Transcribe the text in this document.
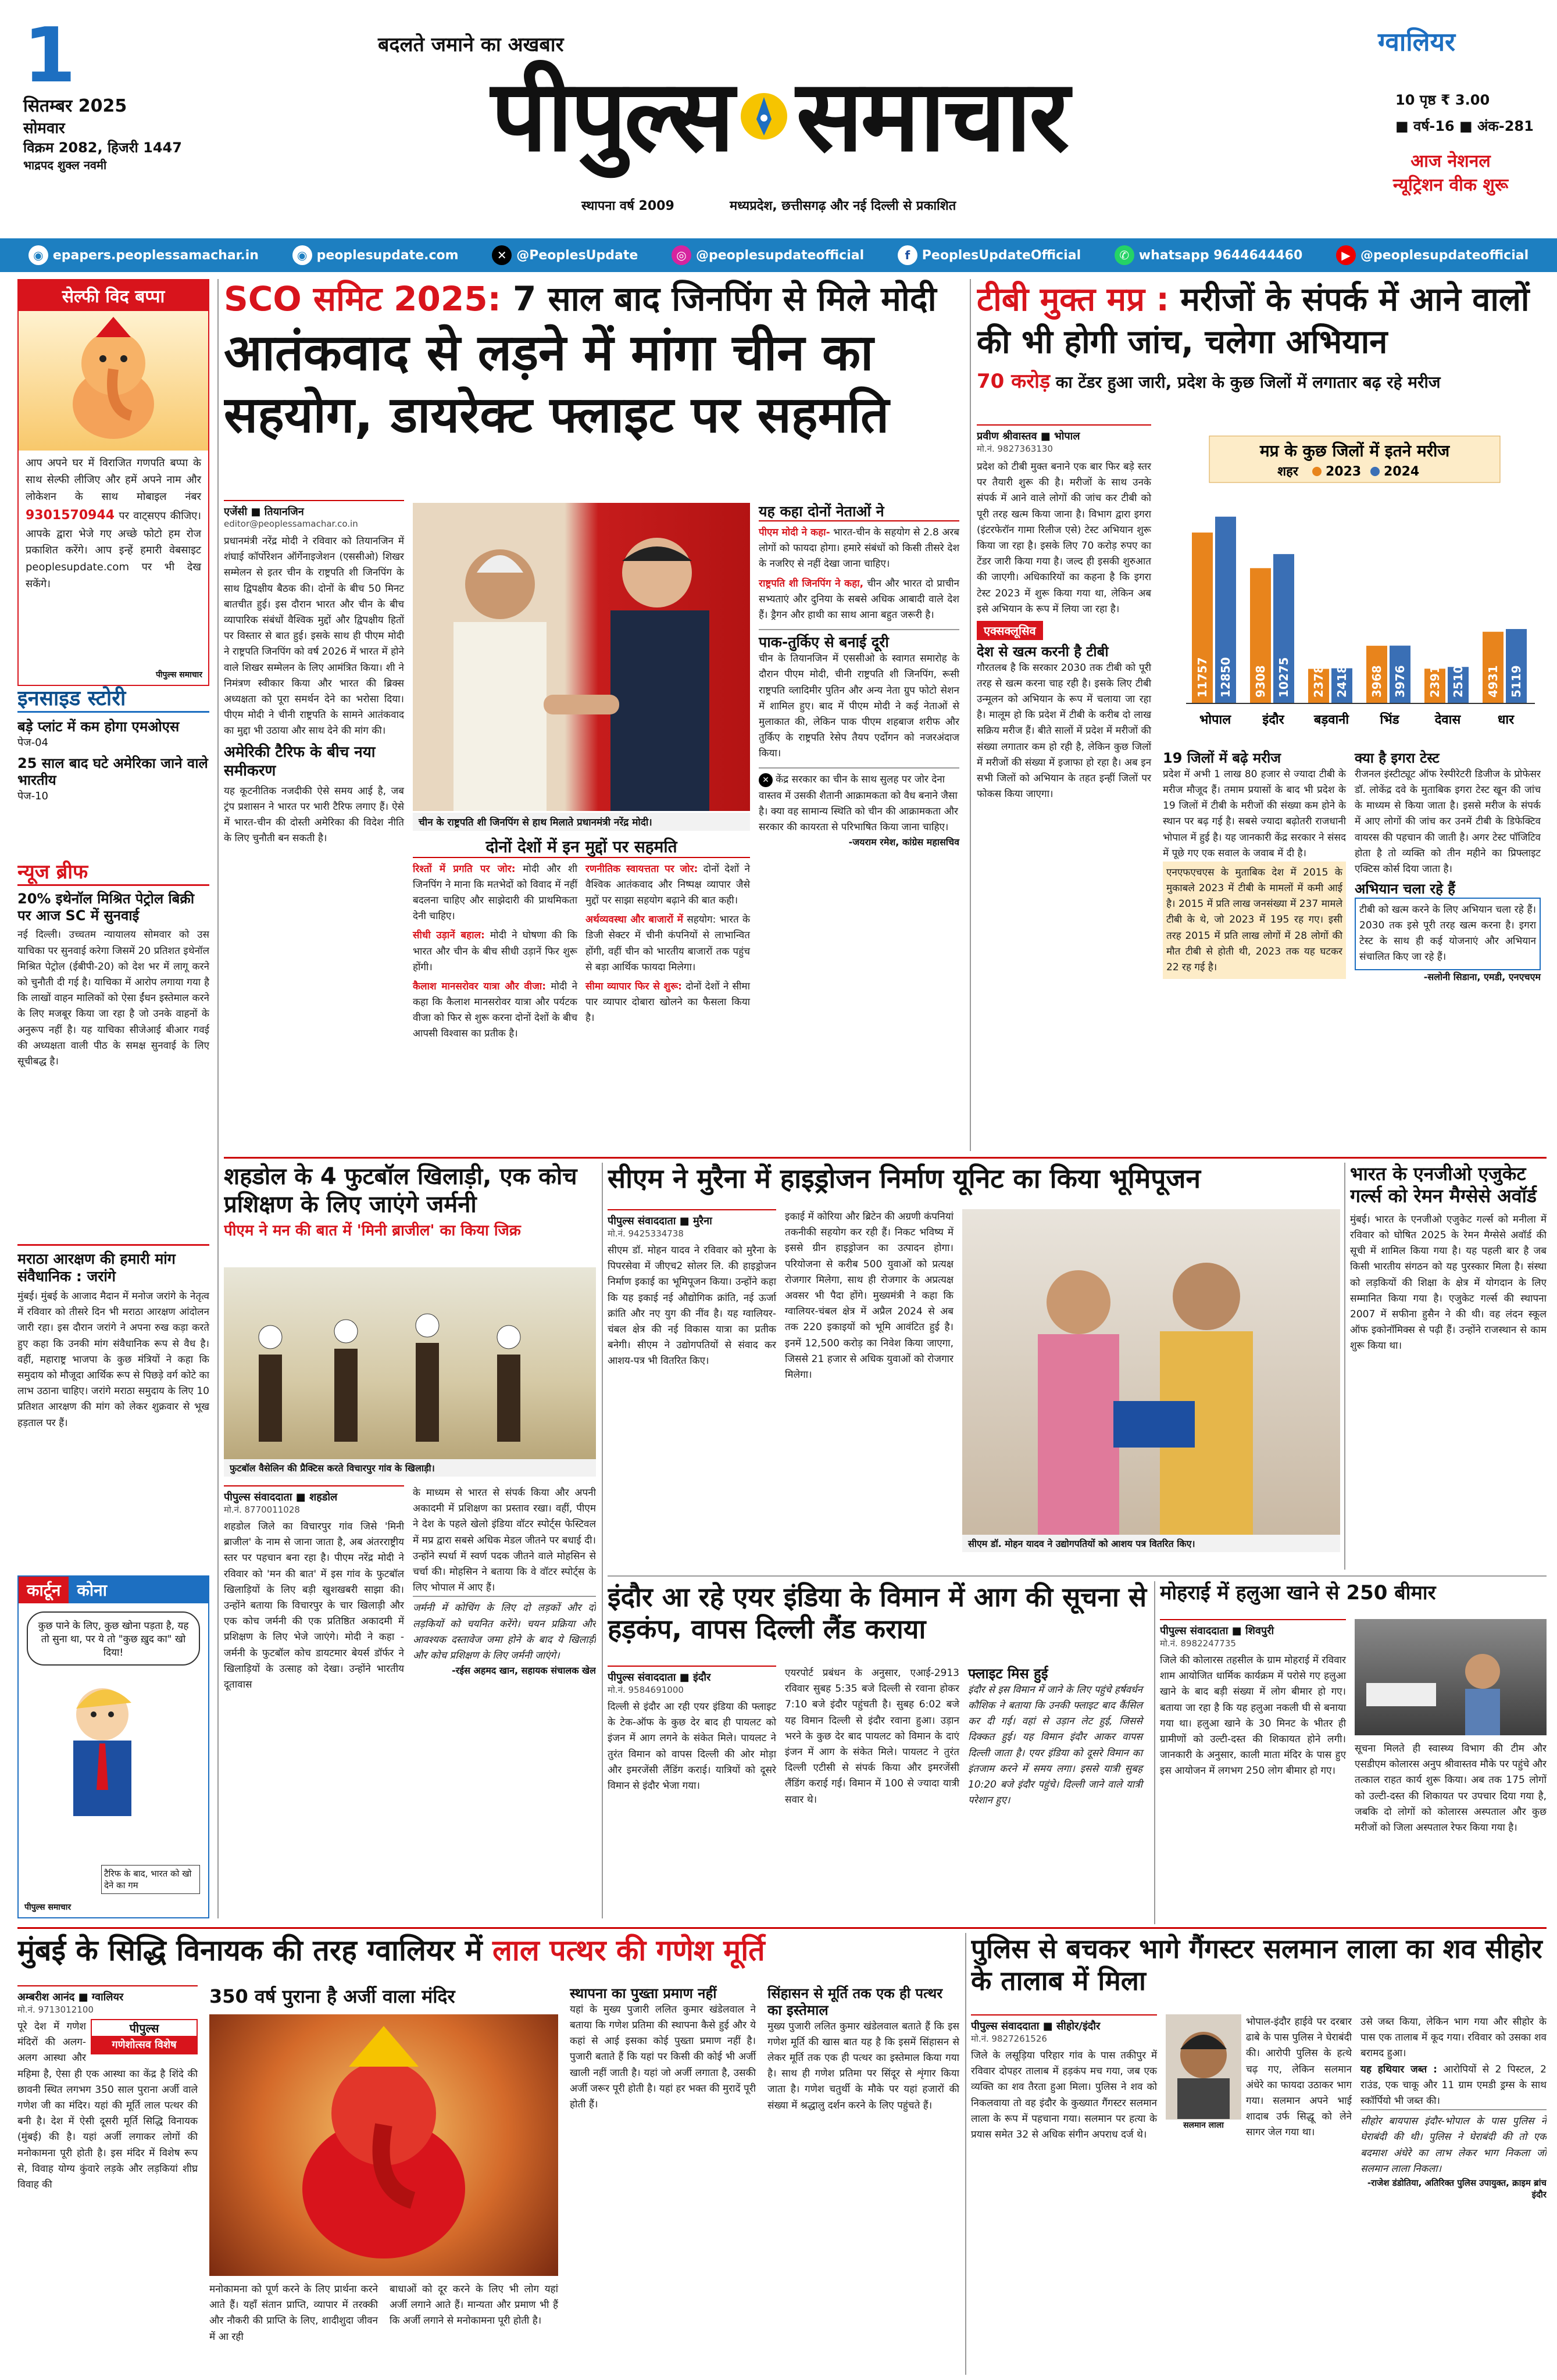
1
सितम्बर 2025
सोमवार
विक्रम 2082, हिजरी 1447
भाद्रपद शुक्ल नवमी
बदलते जमाने का अखबार
पीपुल्स समाचार
स्थापना वर्ष 2009	मध्यप्रदेश, छत्तीसगढ़ और नई दिल्ली से प्रकाशित
ग्वालियर
10 पृष्ठ ₹ 3.00
■ वर्ष-16 ■ अंक-281
आज नेशनल
न्यूट्रिशन वीक शुरू
◉ epapers.peoplessamachar.in	◉ peoplesupdate.com	✕ @PeoplesUpdate	◎ @peoplesupdateofficial	f PeoplesUpdateOfficial	✆ whatsapp 9644644460	▶ @peoplesupdateofficial
सेल्फी विद बप्पा
आप अपने घर में विराजित गणपति बप्पा के साथ सेल्फी लीजिए और हमें अपने नाम और लोकेशन के साथ मोबाइल नंबर 9301570944 पर वाट्सएप कीजिए। आपके द्वारा भेजे गए अच्छे फोटो हम रोज प्रकाशित करेंगे। आप इन्हें हमारी वेबसाइट peoplesupdate.com पर भी देख सकेंगे।
पीपुल्स समाचार
इनसाइड स्टोरी
बड़े प्लांट में कम होगा एमओएस
पेज-04
25 साल बाद घटे अमेरिका जाने वाले भारतीय
पेज-10
न्यूज ब्रीफ
20% इथेनॉल मिश्रित पेट्रोल बिक्री पर आज SC में सुनवाई
नई दिल्ली। उच्चतम न्यायालय सोमवार को उस याचिका पर सुनवाई करेगा जिसमें 20 प्रतिशत इथेनॉल मिश्रित पेट्रोल (ईबीपी-20) को देश भर में लागू करने को चुनौती दी गई है। याचिका में आरोप लगाया गया है कि लाखों वाहन मालिकों को ऐसा ईंधन इस्तेमाल करने के लिए मजबूर किया जा रहा है जो उनके वाहनों के अनुरूप नहीं है। यह याचिका सीजेआई बीआर गवई की अध्यक्षता वाली पीठ के समक्ष सुनवाई के लिए सूचीबद्ध है।
मराठा आरक्षण की हमारी मांग संवैधानिक : जरांगे
मुंबई। मुंबई के आजाद मैदान में मनोज जरांगे के नेतृत्व में रविवार को तीसरे दिन भी मराठा आरक्षण आंदोलन जारी रहा। इस दौरान जरांगे ने अपना रुख कड़ा करते हुए कहा कि उनकी मांग संवैधानिक रूप से वैध है। वहीं, महाराष्ट्र भाजपा के कुछ मंत्रियों ने कहा कि समुदाय को मौजूदा आर्थिक रूप से पिछड़े वर्ग कोटे का लाभ उठाना चाहिए। जरांगे मराठा समुदाय के लिए 10 प्रतिशत आरक्षण की मांग को लेकर शुक्रवार से भूख हड़ताल पर हैं।
कार्टून	कोना
कुछ पाने के लिए, कुछ खोना पड़ता है, यह तो सुना था, पर ये तो "कुछ ख़ुद का" खो दिया!
टैरिफ के बाद, भारत को खो देने का गम
पीपुल्स समाचार
SCO समिट 2025: 7 साल बाद जिनपिंग से मिले मोदी
आतंकवाद से लड़ने में मांगा चीन का सहयोग, डायरेक्ट फ्लाइट पर सहमति
एजेंसी ■ तियानजिन
editor@peoplessamachar.co.in
प्रधानमंत्री नरेंद्र मोदी ने रविवार को तियानजिन में शंघाई कॉर्पोरेशन ऑर्गेनाइजेशन (एससीओ) शिखर सम्मेलन से इतर चीन के राष्ट्रपति शी जिनपिंग के साथ द्विपक्षीय बैठक की। दोनों के बीच 50 मिनट बातचीत हुई। इस दौरान भारत और चीन के बीच व्यापारिक संबंधों वैश्विक मुद्दों और द्विपक्षीय हितों पर विस्तार से बात हुई। इसके साथ ही पीएम मोदी ने राष्ट्रपति जिनपिंग को वर्ष 2026 में भारत में होने वाले शिखर सम्मेलन के लिए आमंत्रित किया। शी ने निमंत्रण स्वीकार किया और भारत की ब्रिक्स अध्यक्षता को पूरा समर्थन देने का भरोसा दिया। पीएम मोदी ने चीनी राष्ट्रपति के सामने आतंकवाद का मुद्दा भी उठाया और साथ देने की मांग की।
अमेरिकी टैरिफ के बीच नया समीकरण
यह कूटनीतिक नजदीकी ऐसे समय आई है, जब ट्रंप प्रशासन ने भारत पर भारी टैरिफ लगाए हैं। ऐसे में भारत-चीन की दोस्ती अमेरिका की विदेश नीति के लिए चुनौती बन सकती है।
चीन के राष्ट्रपति शी जिनपिंग से हाथ मिलाते प्रधानमंत्री नरेंद्र मोदी।
यह कहा दोनों नेताओं ने
पीएम मोदी ने कहा- भारत-चीन के सहयोग से 2.8 अरब लोगों को फायदा होगा। हमारे संबंधों को किसी तीसरे देश के नजरिए से नहीं देखा जाना चाहिए।
राष्ट्रपति शी जिनपिंग ने कहा, चीन और भारत दो प्राचीन सभ्यताएं और दुनिया के सबसे अधिक आबादी वाले देश हैं। ड्रैगन और हाथी का साथ आना बहुत जरूरी है।
पाक-तुर्किए से बनाई दूरी
चीन के तियानजिन में एससीओ के स्वागत समारोह के दौरान पीएम मोदी, चीनी राष्ट्रपति शी जिनपिंग, रूसी राष्ट्रपति व्लादिमीर पुतिन और अन्य नेता ग्रुप फोटो सेशन में शामिल हुए। बाद में पीएम मोदी ने कई नेताओं से मुलाकात की, लेकिन पाक पीएम शहबाज शरीफ और तुर्किए के राष्ट्रपति रेसेप तैयप एर्दोगन को नजरअंदाज किया।
✕ केंद्र सरकार का चीन के साथ सुलह पर जोर देना वास्तव में उसकी शैतानी आक्रामकता को वैध बनाने जैसा है। क्या वह सामान्य स्थिति को चीन की आक्रामकता और सरकार की कायरता से परिभाषित किया जाना चाहिए।
-जयराम रमेश, कांग्रेस महासचिव
दोनों देशों में इन मुद्दों पर सहमति
रिश्तों में प्रगति पर जोर: मोदी और शी जिनपिंग ने माना कि मतभेदों को विवाद में नहीं बदलना चाहिए और साझेदारी की प्राथमिकता देनी चाहिए।
सीधी उड़ानें बहाल: मोदी ने घोषणा की कि भारत और चीन के बीच सीधी उड़ानें फिर शुरू होंगी।
कैलाश मानसरोवर यात्रा और वीजा: मोदी ने कहा कि कैलाश मानसरोवर यात्रा और पर्यटक वीजा को फिर से शुरू करना दोनों देशों के बीच आपसी विश्वास का प्रतीक है।
रणनीतिक स्वायत्तता पर जोर: दोनों देशों ने वैश्विक आतंकवाद और निष्पक्ष व्यापार जैसे मुद्दों पर साझा सहयोग बढ़ाने की बात कही।
अर्थव्यवस्था और बाजारों में सहयोग: भारत के डिजी सेक्टर में चीनी कंपनियों से लाभान्वित होंगी, वहीं चीन को भारतीय बाजारों तक पहुंच से बड़ा आर्थिक फायदा मिलेगा।
सीमा व्यापार फिर से शुरू: दोनों देशों ने सीमा पार व्यापार दोबारा खोलने का फैसला किया है।
टीबी मुक्त मप्र : मरीजों के संपर्क में आने वालों की भी होगी जांच, चलेगा अभियान
70 करोड़ का टेंडर हुआ जारी, प्रदेश के कुछ जिलों में लगातार बढ़ रहे मरीज
प्रवीण श्रीवास्तव ■ भोपाल
मो.नं. 9827363130
प्रदेश को टीबी मुक्त बनाने एक बार फिर बड़े स्तर पर तैयारी शुरू की है। मरीजों के साथ उनके संपर्क में आने वाले लोगों की जांच कर टीबी को पूरी तरह खत्म किया जाना है। विभाग द्वारा इगरा (इंटरफेरॉन गामा रिलीज एसे) टेस्ट अभियान शुरू किया जा रहा है। इसके लिए 70 करोड़ रुपए का टेंडर जारी किया गया है। जल्द ही इसकी शुरुआत की जाएगी। अधिकारियों का कहना है कि इगरा टेस्ट 2023 में शुरू किया गया था, लेकिन अब इसे अभियान के रूप में लिया जा रहा है।
एक्सक्लूसिव
देश से खत्म करनी है टीबी
गौरतलब है कि सरकार 2030 तक टीबी को पूरी तरह से खत्म करना चाह रही है। इसके लिए टीबी उन्मूलन को अभियान के रूप में चलाया जा रहा है। मालूम हो कि प्रदेश में टीबी के करीब दो लाख सक्रिय मरीज हैं। बीते सालों में प्रदेश में मरीजों की संख्या लगातार कम हो रही है, लेकिन कुछ जिलों में मरीजों की संख्या में इजाफा हो रहा है। अब इन सभी जिलों को अभियान के तहत इन्हीं जिलों पर फोकस किया जाएगा।
मप्र के कुछ जिलों में इतने मरीज
शहर 2023 2024
11757 12850
भोपाल
9308 10275
इंदौर
2378 2418
बड़वानी
3968 3976
भिंड
2391 2510
देवास
4931 5119
धार
19 जिलों में बढ़े मरीज
प्रदेश में अभी 1 लाख 80 हजार से ज्यादा टीबी के मरीज मौजूद हैं। तमाम प्रयासों के बाद भी प्रदेश के 19 जिलों में टीबी के मरीजों की संख्या कम होने के स्थान पर बढ़ गई है। सबसे ज्यादा बढ़ोतरी राजधानी भोपाल में हुई है। यह जानकारी केंद्र सरकार ने संसद में पूछे गए एक सवाल के जवाब में दी है।
एनएफएचएस के मुताबिक देश में 2015 के मुकाबले 2023 में टीबी के मामलों में कमी आई है। 2015 में प्रति लाख जनसंख्या में 237 मामले टीबी के थे, जो 2023 में 195 रह गए। इसी तरह 2015 में प्रति लाख लोगों में 28 लोगों की मौत टीबी से होती थी, 2023 तक यह घटकर 22 रह गई है।
क्या है इगरा टेस्ट
रीजनल इंस्टीट्यूट ऑफ रेस्पीरेटरी डिजीज के प्रोफेसर डॉ. लोकेंद्र दवे के मुताबिक इगरा टेस्ट खून की जांच के माध्यम से किया जाता है। इससे मरीज के संपर्क में आए लोगों की जांच कर उनमें टीबी के डिफेक्टिव वायरस की पहचान की जाती है। अगर टेस्ट पॉजिटिव होता है तो व्यक्ति को तीन महीने का प्रिफ्लाइट एक्टिस कोर्स दिया जाता है।
अभियान चला रहे हैं
टीबी को खत्म करने के लिए अभियान चला रहे हैं। 2030 तक इसे पूरी तरह खत्म करना है। इगरा टेस्ट के साथ ही कई योजनाएं और अभियान संचालित किए जा रहे हैं।
-सलोनी सिडाना, एमडी, एनएचएम
शहडोल के 4 फुटबॉल खिलाड़ी, एक कोच प्रशिक्षण के लिए जाएंगे जर्मनी
पीएम ने मन की बात में 'मिनी ब्राजील' का किया जिक्र
फुटबॉल वैसेलिन की प्रैक्टिस करते विचारपुर गांव के खिलाड़ी।
पीपुल्स संवाददाता ■ शहडोल
मो.नं. 8770011028
शहडोल जिले का विचारपुर गांव जिसे 'मिनी ब्राजील' के नाम से जाना जाता है, अब अंतरराष्ट्रीय स्तर पर पहचान बना रहा है। पीएम नरेंद्र मोदी ने रविवार को 'मन की बात' में इस गांव के फुटबॉल खिलाड़ियों के लिए बड़ी खुशखबरी साझा की। उन्होंने बताया कि विचारपुर के चार खिलाड़ी और एक कोच जर्मनी की एक प्रतिष्ठित अकादमी में प्रशिक्षण के लिए भेजे जाएंगे। मोदी ने कहा - जर्मनी के फुटबॉल कोच डायटमार बेयर्स डॉर्फर ने खिलाड़ियों के उत्साह को देखा। उन्होंने भारतीय दूतावास
के माध्यम से भारत से संपर्क किया और अपनी अकादमी में प्रशिक्षण का प्रस्ताव रखा। वहीं, पीएम ने देश के पहले खेलो इंडिया वॉटर स्पोर्ट्स फेस्टिवल में मप्र द्वारा सबसे अधिक मेडल जीतने पर बधाई दी। उन्होंने स्पर्धा में स्वर्ण पदक जीतने वाले मोहसिन से चर्चा की। मोहसिन ने बताया कि वे वॉटर स्पोर्ट्स के लिए भोपाल में आए हैं।
जर्मनी में कोचिंग के लिए दो लड़कों और दो लड़कियों को चयनित करेंगे। चयन प्रक्रिया और आवश्यक दस्तावेज जमा होने के बाद ये खिलाड़ी और कोच प्रशिक्षण के लिए जर्मनी जाएंगे।
-रईस अहमद खान, सहायक संचालक खेल
सीएम ने मुरैना में हाइड्रोजन निर्माण यूनिट का किया भूमिपूजन
पीपुल्स संवाददाता ■ मुरैना
मो.नं. 9425334738
सीएम डॉ. मोहन यादव ने रविवार को मुरैना के पिपरसेवा में जीएच2 सोलर लि. की हाइड्रोजन निर्माण इकाई का भूमिपूजन किया। उन्होंने कहा कि यह इकाई नई औद्योगिक क्रांति, नई ऊर्जा क्रांति और नए युग की नींव है। यह ग्वालियर-चंबल क्षेत्र की नई विकास यात्रा का प्रतीक बनेगी। सीएम ने उद्योगपतियों से संवाद कर आशय-पत्र भी वितरित किए।
इकाई में कोरिया और ब्रिटेन की अग्रणी कंपनियां तकनीकी सहयोग कर रही हैं। निकट भविष्य में इससे ग्रीन हाइड्रोजन का उत्पादन होगा। परियोजना से करीब 500 युवाओं को प्रत्यक्ष रोजगार मिलेगा, साथ ही रोजगार के अप्रत्यक्ष अवसर भी पैदा होंगे। मुख्यमंत्री ने कहा कि ग्वालियर-चंबल क्षेत्र में अप्रैल 2024 से अब तक 220 इकाइयों को भूमि आवंटित हुई है। इनमें 12,500 करोड़ का निवेश किया जाएगा, जिससे 21 हजार से अधिक युवाओं को रोजगार मिलेगा।
सीएम डॉ. मोहन यादव ने उद्योगपतियों को आशय पत्र वितरित किए।
भारत के एनजीओ एजुकेट गर्ल्स को रेमन मैग्सेसे अवॉर्ड
मुंबई। भारत के एनजीओ एजुकेट गर्ल्स को मनीला में रविवार को घोषित 2025 के रेमन मैग्सेसे अवॉर्ड की सूची में शामिल किया गया है। यह पहली बार है जब किसी भारतीय संगठन को यह पुरस्कार मिला है। संस्था को लड़कियों की शिक्षा के क्षेत्र में योगदान के लिए सम्मानित किया गया है। एजुकेट गर्ल्स की स्थापना 2007 में सफीना हुसैन ने की थी। वह लंदन स्कूल ऑफ इकोनॉमिक्स से पढ़ी हैं। उन्होंने राजस्थान से काम शुरू किया था।
इंदौर आ रहे एयर इंडिया के विमान में आग की सूचना से हड़कंप, वापस दिल्ली लैंड कराया
पीपुल्स संवाददाता ■ इंदौर
मो.नं. 9584691000
दिल्ली से इंदौर आ रही एयर इंडिया की फ्लाइट के टेक-ऑफ के कुछ देर बाद ही पायलट को इंजन में आग लगने के संकेत मिले। पायलट ने तुरंत विमान को वापस दिल्ली की ओर मोड़ा और इमरजेंसी लैंडिंग कराई। यात्रियों को दूसरे विमान से इंदौर भेजा गया।
एयरपोर्ट प्रबंधन के अनुसार, एआई-2913 रविवार सुबह 5:35 बजे दिल्ली से रवाना होकर 7:10 बजे इंदौर पहुंचती है। सुबह 6:02 बजे यह विमान दिल्ली से इंदौर रवाना हुआ। उड़ान भरने के कुछ देर बाद पायलट को विमान के दाएं इंजन में आग के संकेत मिले। पायलट ने तुरंत दिल्ली एटीसी से संपर्क किया और इमरजेंसी लैंडिंग कराई गई। विमान में 100 से ज्यादा यात्री सवार थे।
फ्लाइट मिस हुई
इंदौर से इस विमान में जाने के लिए पहुंचे हर्षवर्धन कौशिक ने बताया कि उनकी फ्लाइट बाद कैंसिल कर दी गई। वहां से उड़ान लेट हुई, जिससे दिक्कत हुई। यह विमान इंदौर आकर वापस दिल्ली जाता है। एयर इंडिया को दूसरे विमान का इंतजाम करने में समय लगा। इससे यात्री सुबह 10:20 बजे इंदौर पहुंचे। दिल्ली जाने वाले यात्री परेशान हुए।
मोहराई में हलुआ खाने से 250 बीमार
पीपुल्स संवाददाता ■ शिवपुरी
मो.नं. 8982247735
जिले की कोलारस तहसील के ग्राम मोहराई में रविवार शाम आयोजित धार्मिक कार्यक्रम में परोसे गए हलुआ खाने के बाद बड़ी संख्या में लोग बीमार हो गए। बताया जा रहा है कि यह हलुआ नकली घी से बनाया गया था। हलुआ खाने के 30 मिनट के भीतर ही ग्रामीणों को उल्टी-दस्त की शिकायत होने लगी। जानकारी के अनुसार, काली माता मंदिर के पास हुए इस आयोजन में लगभग 250 लोग बीमार हो गए।
सूचना मिलते ही स्वास्थ्य विभाग की टीम और एसडीएम कोलारस अनुप श्रीवास्तव मौके पर पहुंचे और तत्काल राहत कार्य शुरू किया। अब तक 175 लोगों को उल्टी-दस्त की शिकायत पर उपचार दिया गया है, जबकि दो लोगों को कोलारस अस्पताल और कुछ मरीजों को जिला अस्पताल रेफर किया गया है।
मुंबई के सिद्धि विनायक की तरह ग्वालियर में लाल पत्थर की गणेश मूर्ति
अम्बरीश आनंद ■ ग्वालियर
मो.नं. 9713012100
पीपुल्स
गणेशोत्सव विशेष
पूरे देश में गणेश मंदिरों की अलग-अलग आस्था और महिमा है, ऐसा ही एक आस्था का केंद्र है शिंदे की छावनी स्थित लगभग 350 साल पुराना अर्जी वाले गणेश जी का मंदिर। यहां की मूर्ति लाल पत्थर की बनी है। देश में ऐसी दूसरी मूर्ति सिद्धि विनायक (मुंबई) की है। यहां अर्जी लगाकर लोगों की मनोकामना पूरी होती है। इस मंदिर में विशेष रूप से, विवाह योग्य कुंवारे लड़के और लड़कियां शीघ्र विवाह की
350 वर्ष पुराना है अर्जी वाला मंदिर
मनोकामना को पूर्ण करने के लिए प्रार्थना करने आते हैं। यहाँ संतान प्राप्ति, व्यापार में तरक्की और नौकरी की प्राप्ति के लिए, शादीशुदा जीवन में आ रही
बाधाओं को दूर करने के लिए भी लोग यहां अर्जी लगाने आते हैं। मान्यता और प्रमाण भी हैं कि अर्जी लगाने से मनोकामना पूरी होती है।
स्थापना का पुख्ता प्रमाण नहीं
यहां के मुख्य पुजारी ललित कुमार खंडेलवाल ने बताया कि गणेश प्रतिमा की स्थापना कैसे हुई और ये कहां से आई इसका कोई पुख्ता प्रमाण नहीं है। पुजारी बताते हैं कि यहां पर किसी की कोई भी अर्जी खाली नहीं जाती है। यहां जो अर्जी लगाता है, उसकी अर्जी जरूर पूरी होती है। यहां हर भक्त की मुरादें पूरी होती हैं।
सिंहासन से मूर्ति तक एक ही पत्थर का इस्तेमाल
मुख्य पुजारी ललित कुमार खंडेलवाल बताते हैं कि इस गणेश मूर्ति की खास बात यह है कि इसमें सिंहासन से लेकर मूर्ति तक एक ही पत्थर का इस्तेमाल किया गया है। साथ ही गणेश प्रतिमा पर सिंदूर से शृंगार किया जाता है। गणेश चतुर्थी के मौके पर यहां हजारों की संख्या में श्रद्धालु दर्शन करने के लिए पहुंचते हैं।
पुलिस से बचकर भागे गैंगस्टर सलमान लाला का शव सीहोर के तालाब में मिला
पीपुल्स संवाददाता ■ सीहोर/इंदौर
मो.नं. 9827261526
जिले के लसूड़िया परिहार गांव के पास तकीपुर में रविवार दोपहर तालाब में हड़कंप मच गया, जब एक व्यक्ति का शव तैरता हुआ मिला। पुलिस ने शव को निकलवाया तो वह इंदौर के कुख्यात गैंगस्टर सलमान लाला के रूप में पहचाना गया। सलमान पर हत्या के प्रयास समेत 32 से अधिक संगीन अपराध दर्ज थे।
सलमान लाला
भोपाल-इंदौर हाईवे पर दरबार ढाबे के पास पुलिस ने घेराबंदी की। आरोपी पुलिस के हत्थे चढ़ गए, लेकिन सलमान अंधेरे का फायदा उठाकर भाग गया। सलमान अपने भाई शादाब उर्फ सिद्धू को लेने सागर जेल गया था।
उसे जब्त किया, लेकिन भाग गया और सीहोर के पास एक तालाब में कूद गया। रविवार को उसका शव बरामद हुआ।
यह हथियार जब्त : आरोपियों से 2 पिस्टल, 2 राउंड, एक चाकू और 11 ग्राम एमडी ड्रग्स के साथ स्कॉर्पियो भी जब्त की।
सीहोर बायपास इंदौर-भोपाल के पास पुलिस ने घेराबंदी की थी। पुलिस ने घेराबंदी की तो एक बदमाश अंधेरे का लाभ लेकर भाग निकला जो सलमान लाला निकला।
-राजेश डंडोतिया, अतिरिक्त पुलिस उपायुक्त, क्राइम ब्रांच इंदौर
